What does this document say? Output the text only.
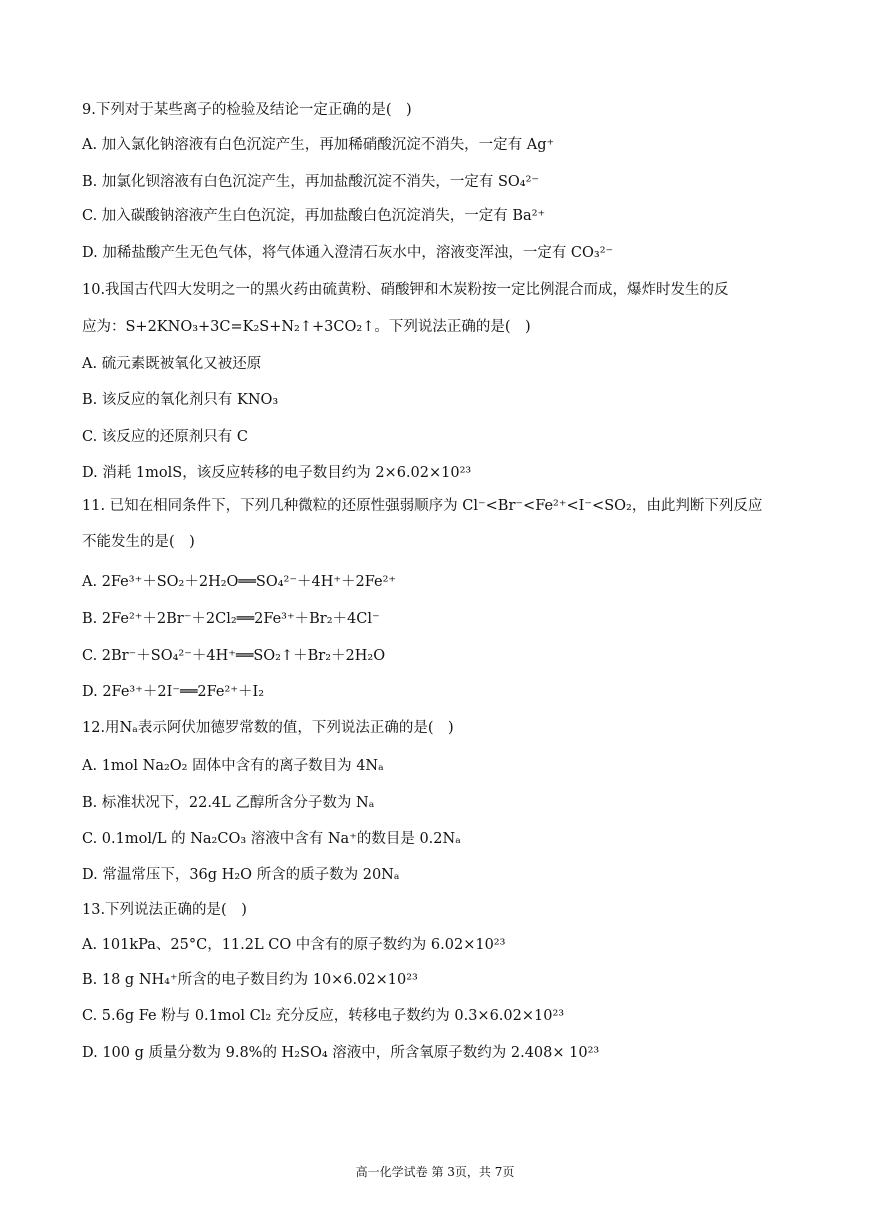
9.下列对于某些离子的检验及结论一定正确的是(　)
A. 加入氯化钠溶液有白色沉淀产生，再加稀硝酸沉淀不消失，一定有 Ag⁺
B. 加氯化钡溶液有白色沉淀产生，再加盐酸沉淀不消失，一定有 SO₄²⁻
C. 加入碳酸钠溶液产生白色沉淀，再加盐酸白色沉淀消失，一定有 Ba²⁺
D. 加稀盐酸产生无色气体，将气体通入澄清石灰水中，溶液变浑浊，一定有 CO₃²⁻
10.我国古代四大发明之一的黑火药由硫黄粉、硝酸钾和木炭粉按一定比例混合而成，爆炸时发生的反
应为：S+2KNO₃+3C=K₂S+N₂↑+3CO₂↑。下列说法正确的是(　)
A. 硫元素既被氧化又被还原
B. 该反应的氧化剂只有 KNO₃
C. 该反应的还原剂只有 C
D. 消耗 1molS，该反应转移的电子数目约为 2×6.02×10²³
11. 已知在相同条件下，下列几种微粒的还原性强弱顺序为 Cl⁻<Br⁻<Fe²⁺<I⁻<SO₂，由此判断下列反应
不能发生的是(　)
A. 2Fe³⁺＋SO₂＋2H₂O══SO₄²⁻＋4H⁺＋2Fe²⁺
B. 2Fe²⁺＋2Br⁻＋2Cl₂══2Fe³⁺＋Br₂＋4Cl⁻
C. 2Br⁻＋SO₄²⁻＋4H⁺══SO₂↑＋Br₂＋2H₂O
D. 2Fe³⁺＋2I⁻══2Fe²⁺＋I₂
12.用Nₐ表示阿伏加德罗常数的值，下列说法正确的是(　)
A. 1mol Na₂O₂ 固体中含有的离子数目为 4Nₐ
B. 标准状况下，22.4L 乙醇所含分子数为 Nₐ
C. 0.1mol/L 的 Na₂CO₃ 溶液中含有 Na⁺的数目是 0.2Nₐ
D. 常温常压下，36g H₂O 所含的质子数为 20Nₐ
13.下列说法正确的是(　)
A. 101kPa、25°C，11.2L CO 中含有的原子数约为 6.02×10²³
B. 18 g NH₄⁺所含的电子数目约为 10×6.02×10²³
C. 5.6g Fe 粉与 0.1mol Cl₂ 充分反应，转移电子数约为 0.3×6.02×10²³
D. 100 g 质量分数为 9.8%的 H₂SO₄ 溶液中，所含氧原子数约为 2.408× 10²³
高一化学试卷 第 3页，共 7页
